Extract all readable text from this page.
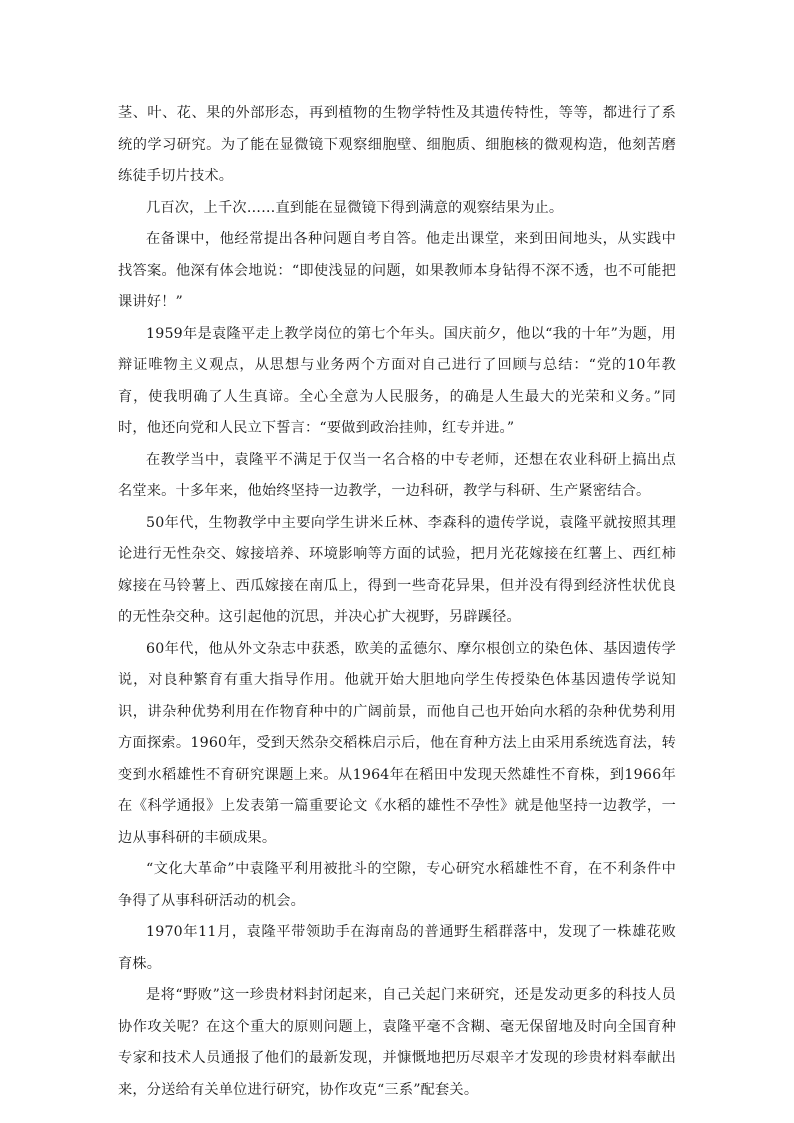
茎、叶、花、果的外部形态，再到植物的生物学特性及其遗传特性，等等，都进行了系统的学习研究。为了能在显微镜下观察细胞壁、细胞质、细胞核的微观构造，他刻苦磨练徒手切片技术。

几百次，上千次……直到能在显微镜下得到满意的观察结果为止。

在备课中，他经常提出各种问题自考自答。他走出课堂，来到田间地头，从实践中找答案。他深有体会地说：“即使浅显的问题，如果教师本身钻得不深不透，也不可能把课讲好！”

1959年是袁隆平走上教学岗位的第七个年头。国庆前夕，他以“我的十年”为题，用辩证唯物主义观点，从思想与业务两个方面对自己进行了回顾与总结：“党的10年教育，使我明确了人生真谛。全心全意为人民服务，的确是人生最大的光荣和义务。”同时，他还向党和人民立下誓言：“要做到政治挂帅，红专并进。”

在教学当中，袁隆平不满足于仅当一名合格的中专老师，还想在农业科研上搞出点名堂来。十多年来，他始终坚持一边教学，一边科研，教学与科研、生产紧密结合。

50年代，生物教学中主要向学生讲米丘林、李森科的遗传学说，袁隆平就按照其理论进行无性杂交、嫁接培养、环境影响等方面的试验，把月光花嫁接在红薯上、西红柿嫁接在马铃薯上、西瓜嫁接在南瓜上，得到一些奇花异果，但并没有得到经济性状优良的无性杂交种。这引起他的沉思，并决心扩大视野，另辟蹊径。

60年代，他从外文杂志中获悉，欧美的孟德尔、摩尔根创立的染色体、基因遗传学说，对良种繁育有重大指导作用。他就开始大胆地向学生传授染色体基因遗传学说知识，讲杂种优势利用在作物育种中的广阔前景，而他自己也开始向水稻的杂种优势利用方面探索。1960年，受到天然杂交稻株启示后，他在育种方法上由采用系统选育法，转变到水稻雄性不育研究课题上来。从1964年在稻田中发现天然雄性不育株，到1966年在《科学通报》上发表第一篇重要论文《水稻的雄性不孕性》就是他坚持一边教学，一边从事科研的丰硕成果。

“文化大革命”中袁隆平利用被批斗的空隙，专心研究水稻雄性不育，在不利条件中争得了从事科研活动的机会。

1970年11月，袁隆平带领助手在海南岛的普通野生稻群落中，发现了一株雄花败育株。

是将“野败”这一珍贵材料封闭起来，自己关起门来研究，还是发动更多的科技人员协作攻关呢？在这个重大的原则问题上，袁隆平毫不含糊、毫无保留地及时向全国育种专家和技术人员通报了他们的最新发现，并慷慨地把历尽艰辛才发现的珍贵材料奉献出来，分送给有关单位进行研究，协作攻克“三系”配套关。
